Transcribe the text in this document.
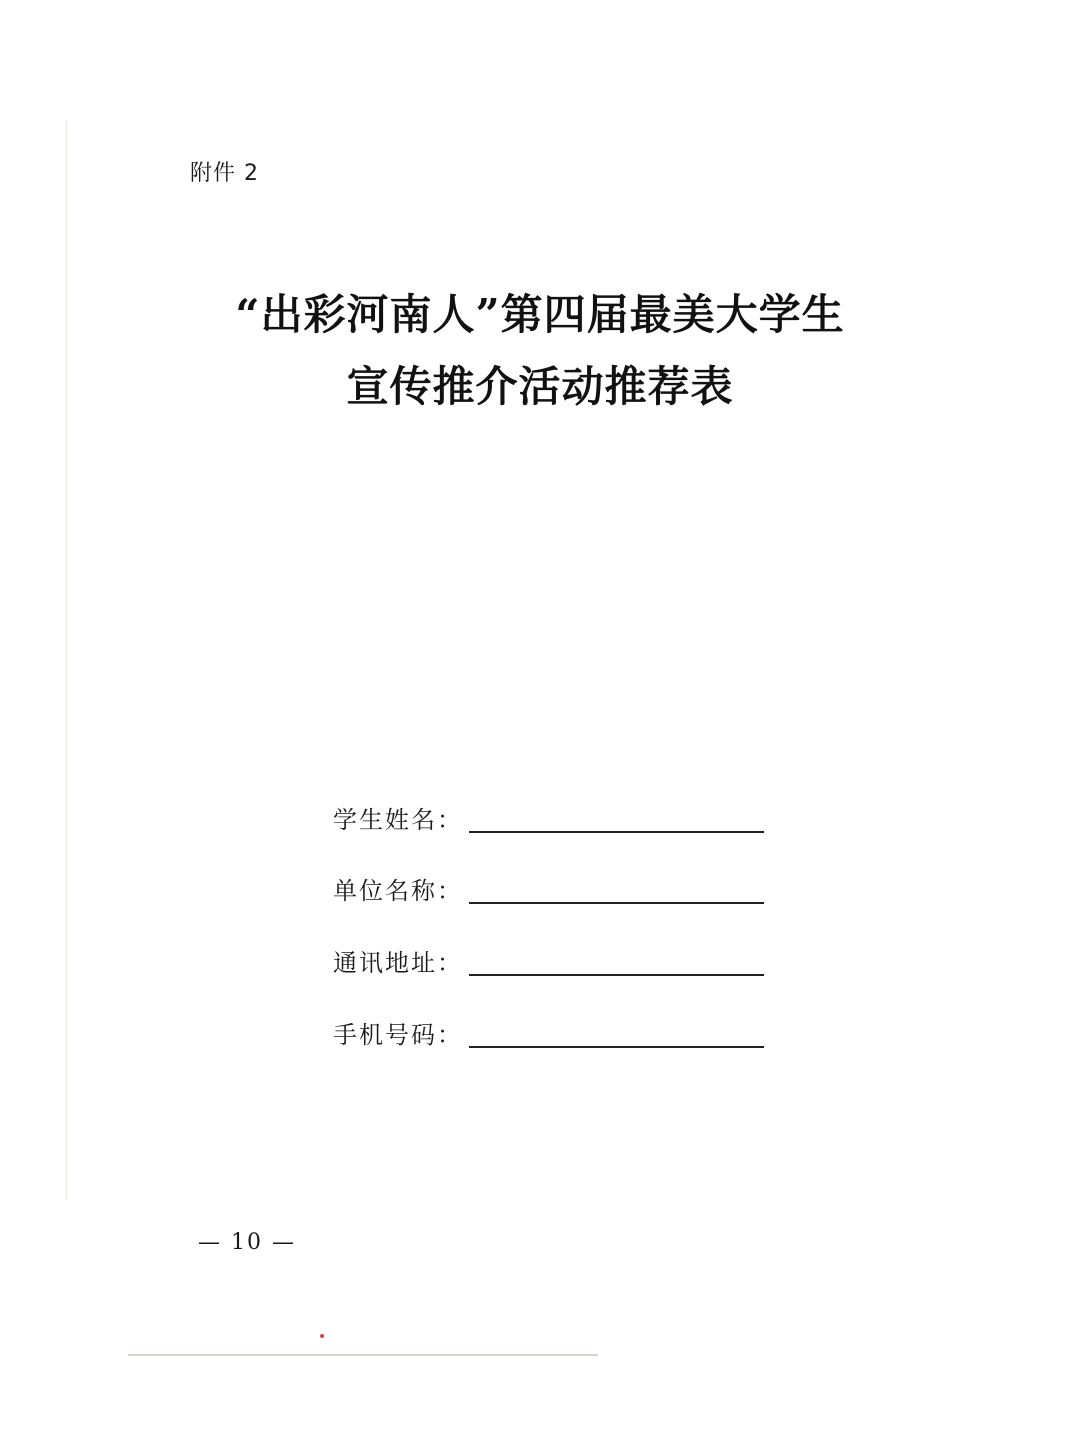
附件 2
“出彩河南人”第四届最美大学生
宣传推介活动推荐表
学生姓名：
单位名称：
通讯地址：
手机号码：
— 10 —
